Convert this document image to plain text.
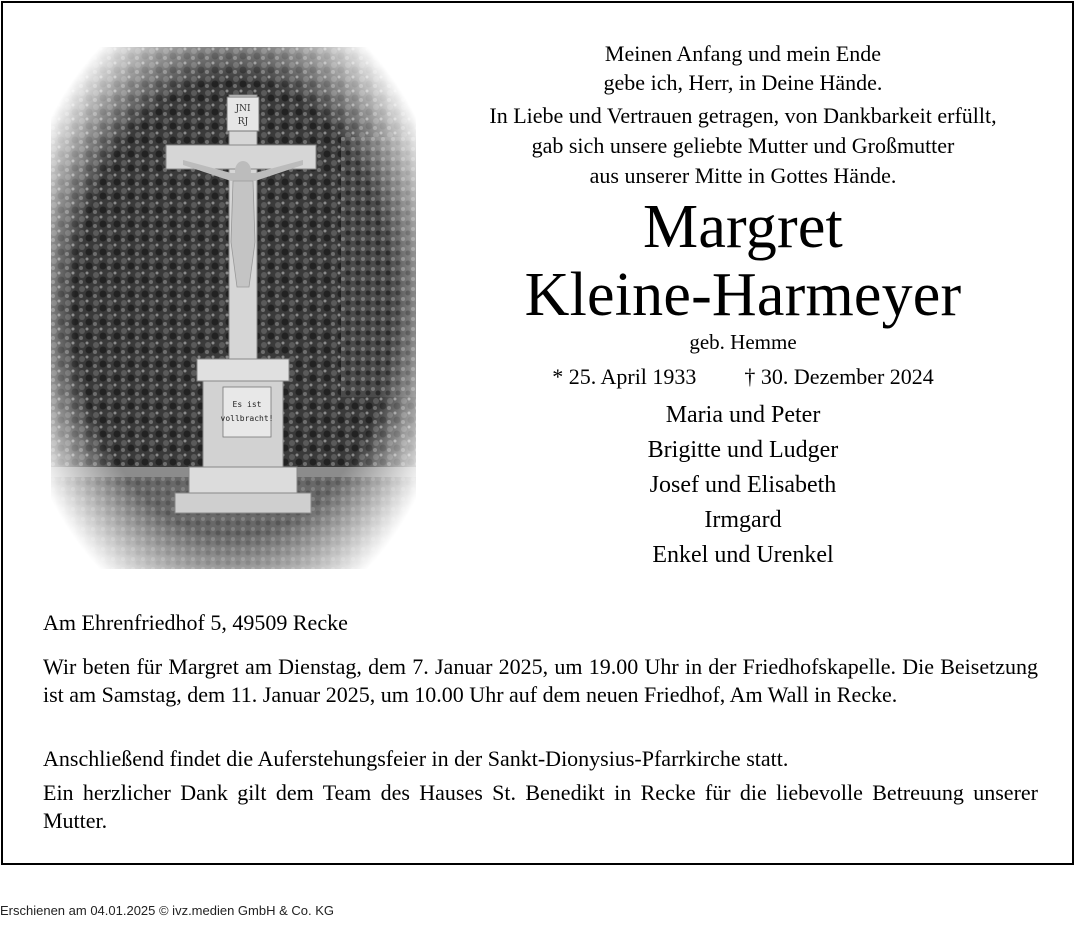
Meinen Anfang und mein Ende
gebe ich, Herr, in Deine Hände.
In Liebe und Vertrauen getragen, von Dankbarkeit erfüllt,
gab sich unsere geliebte Mutter und Großmutter
aus unserer Mitte in Gottes Hände.
Margret
Kleine-Harmeyer
geb. Hemme
* 25. April 1933 † 30. Dezember 2024
Maria und Peter
Brigitte und Ludger
Josef und Elisabeth
Irmgard
Enkel und Urenkel
Am Ehrenfriedhof 5, 49509 Recke
Wir beten für Margret am Dienstag, dem 7. Januar 2025, um 19.00 Uhr in der Friedhofskapelle. Die Beisetzung ist am Samstag, dem 11. Januar 2025, um 10.00 Uhr auf dem neuen Friedhof, Am Wall in Recke.
Anschließend findet die Auferstehungsfeier in der Sankt-Dionysius-Pfarrkirche statt.
Ein herzlicher Dank gilt dem Team des Hauses St. Benedikt in Recke für die liebevolle Betreuung unserer Mutter.
Erschienen am 04.01.2025 © ivz.medien GmbH & Co. KG
